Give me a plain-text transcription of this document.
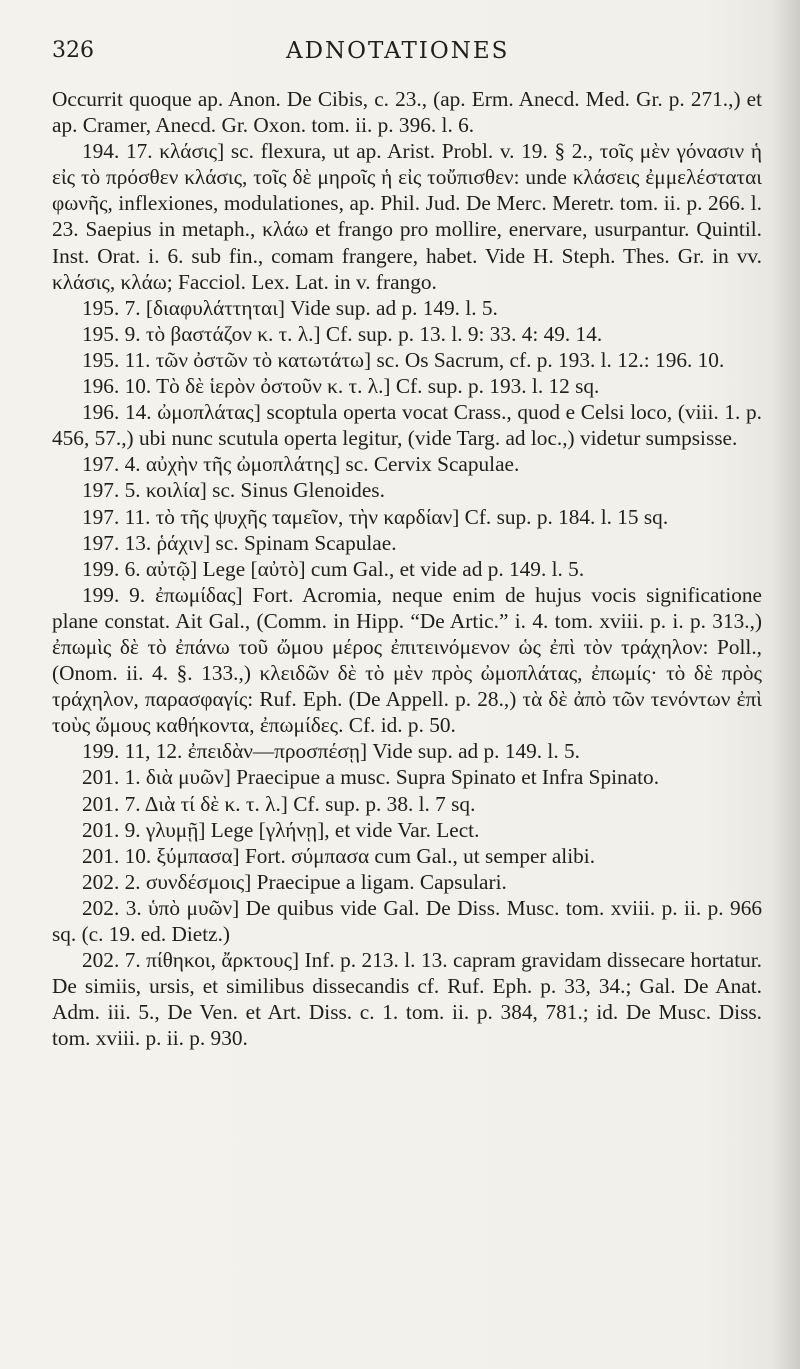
326	ADNOTATIONES

Occurrit quoque ap. Anon. De Cibis, c. 23., (ap. Erm. Anecd. Med. Gr. p. 271.,) et ap. Cramer, Anecd. Gr. Oxon. tom. ii. p. 396. l. 6.

194. 17. κλάσις] sc. flexura, ut ap. Arist. Probl. v. 19. § 2., τοῖς μὲν γόνασιν ἡ εἰς τὸ πρόσθεν κλάσις, τοῖς δὲ μηροῖς ἡ εἰς τοὔπισθεν: unde κλάσεις ἐμμελέσταται φωνῆς, inflexiones, modulationes, ap. Phil. Jud. De Merc. Meretr. tom. ii. p. 266. l. 23. Saepius in metaph., κλάω et frango pro mollire, enervare, usurpantur. Quintil. Inst. Orat. i. 6. sub fin., comam frangere, habet. Vide H. Steph. Thes. Gr. in vv. κλάσις, κλάω; Facciol. Lex. Lat. in v. frango.

195. 7. [διαφυλάττηται] Vide sup. ad p. 149. l. 5.

195. 9. τὸ βαστάζον κ. τ. λ.] Cf. sup. p. 13. l. 9: 33. 4: 49. 14.

195. 11. τῶν ὀστῶν τὸ κατωτάτω] sc. Os Sacrum, cf. p. 193. l. 12.: 196. 10.

196. 10. Τὸ δὲ ἱερὸν ὀστοῦν κ. τ. λ.] Cf. sup. p. 193. l. 12 sq.

196. 14. ὠμοπλάτας] scoptula operta vocat Crass., quod e Celsi loco, (viii. 1. p. 456, 57.,) ubi nunc scutula operta legitur, (vide Targ. ad loc.,) videtur sumpsisse.

197. 4. αὐχὴν τῆς ὠμοπλάτης] sc. Cervix Scapulae.

197. 5. κοιλία] sc. Sinus Glenoides.

197. 11. τὸ τῆς ψυχῆς ταμεῖον, τὴν καρδίαν] Cf. sup. p. 184. l. 15 sq.

197. 13. ῥάχιν] sc. Spinam Scapulae.

199. 6. αὐτῷ] Lege [αὐτὸ] cum Gal., et vide ad p. 149. l. 5.

199. 9. ἐπωμίδας] Fort. Acromia, neque enim de hujus vocis significatione plane constat. Ait Gal., (Comm. in Hipp. “De Artic.” i. 4. tom. xviii. p. i. p. 313.,) ἐπωμὶς δὲ τὸ ἐπάνω τοῦ ὤμου μέρος ἐπιτεινόμενον ὡς ἐπὶ τὸν τράχηλον: Poll., (Onom. ii. 4. §. 133.,) κλειδῶν δὲ τὸ μὲν πρὸς ὠμοπλάτας, ἐπωμίς· τὸ δὲ πρὸς τράχηλον, παρασφαγίς: Ruf. Eph. (De Appell. p. 28.,) τὰ δὲ ἀπὸ τῶν τενόντων ἐπὶ τοὺς ὤμους καθήκοντα, ἐπωμίδες. Cf. id. p. 50.

199. 11, 12. ἐπειδὰν—προσπέσῃ] Vide sup. ad p. 149. l. 5.

201. 1. διὰ μυῶν] Praecipue a musc. Supra Spinato et Infra Spinato.

201. 7. Διὰ τί δὲ κ. τ. λ.] Cf. sup. p. 38. l. 7 sq.

201. 9. γλυμῇ] Lege [γλήνῃ], et vide Var. Lect.

201. 10. ξύμπασα] Fort. σύμπασα cum Gal., ut semper alibi.

202. 2. συνδέσμοις] Praecipue a ligam. Capsulari.

202. 3. ὑπὸ μυῶν] De quibus vide Gal. De Diss. Musc. tom. xviii. p. ii. p. 966 sq. (c. 19. ed. Dietz.)

202. 7. πίθηκοι, ἄρκτους] Inf. p. 213. l. 13. capram gravidam dissecare hortatur. De simiis, ursis, et similibus dissecandis cf. Ruf. Eph. p. 33, 34.; Gal. De Anat. Adm. iii. 5., De Ven. et Art. Diss. c. 1. tom. ii. p. 384, 781.; id. De Musc. Diss. tom. xviii. p. ii. p. 930.
